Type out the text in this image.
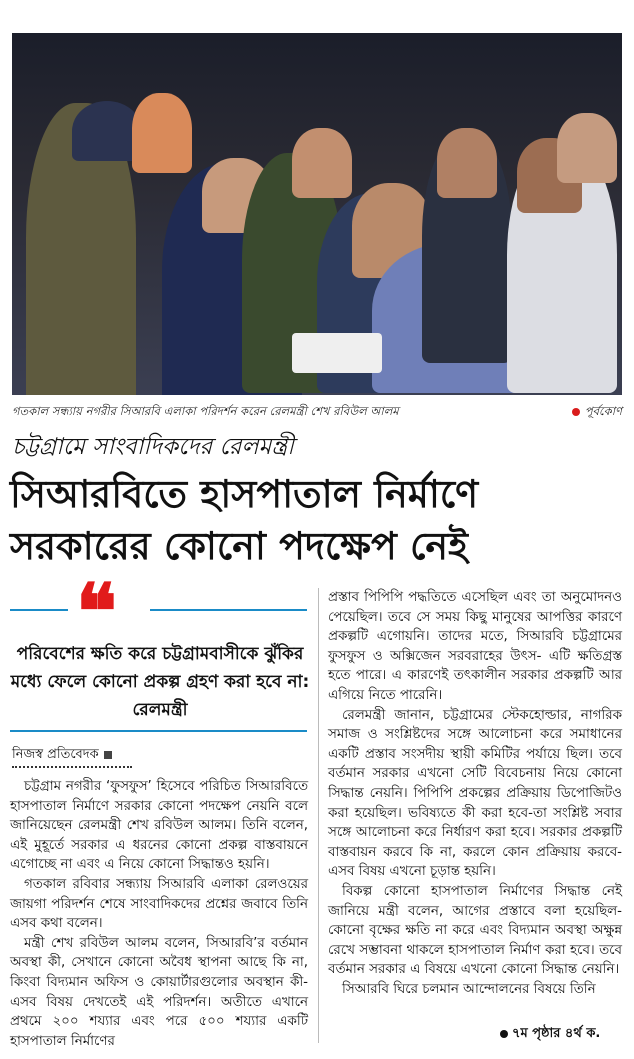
গতকাল সন্ধ্যায় নগরীর সিআরবি এলাকা পরিদর্শন করেন রেলমন্ত্রী শেখ রবিউল আলম	পূর্বকোণ
চট্টগ্রামে সাংবাদিকদের রেলমন্ত্রী
সিআরবিতে হাসপাতাল নির্মাণে
সরকারের কোনো পদক্ষেপ নেই
❝
পরিবেশের ক্ষতি করে চট্টগ্রামবাসীকে ঝুঁকির মধ্যে ফেলে কোনো প্রকল্প গ্রহণ করা হবে না: রেলমন্ত্রী
নিজস্ব প্রতিবেদক

চট্টগ্রাম নগরীর ‘ফুসফুস’ হিসেবে পরিচিত সিআরবিতে হাসপাতাল নির্মাণে সরকার কোনো পদক্ষেপ নেয়নি বলে জানিয়েছেন রেলমন্ত্রী শেখ রবিউল আলম। তিনি বলেন, এই মুহূর্তে সরকার এ ধরনের কোনো প্রকল্প বাস্তবায়নে এগোচ্ছে না এবং এ নিয়ে কোনো সিদ্ধান্তও হয়নি।

গতকাল রবিবার সন্ধ্যায় সিআরবি এলাকা রেলওয়ের জায়গা পরিদর্শন শেষে সাংবাদিকদের প্রশ্নের জবাবে তিনি এসব কথা বলেন।

মন্ত্রী শেখ রবিউল আলম বলেন, সিআরবি’র বর্তমান অবস্থা কী, সেখানে কোনো অবৈধ স্থাপনা আছে কি না, কিংবা বিদ্যমান অফিস ও কোয়ার্টারগুলোর অবস্থান কী- এসব বিষয় দেখতেই এই পরিদর্শন। অতীতে এখানে প্রথমে ২০০ শয্যার এবং পরে ৫০০ শয্যার একটি হাসপাতাল নির্মাণের

প্রস্তাব পিপিপি পদ্ধতিতে এসেছিল এবং তা অনুমোদনও পেয়েছিল। তবে সে সময় কিছু মানুষের আপত্তির কারণে প্রকল্পটি এগোয়নি। তাদের মতে, সিআরবি চট্টগ্রামের ফুসফুস ও অক্সিজেন সরবরাহের উৎস- এটি ক্ষতিগ্রস্ত হতে পারে। এ কারণেই তৎকালীন সরকার প্রকল্পটি আর এগিয়ে নিতে পারেনি।

রেলমন্ত্রী জানান, চট্টগ্রামের স্টেকহোল্ডার, নাগরিক সমাজ ও সংশ্লিষ্টদের সঙ্গে আলোচনা করে সমাধানের একটি প্রস্তাব সংসদীয় স্থায়ী কমিটির পর্যায়ে ছিল। তবে বর্তমান সরকার এখনো সেটি বিবেচনায় নিয়ে কোনো সিদ্ধান্ত নেয়নি। পিপিপি প্রকল্পের প্রক্রিয়ায় ডিপোজিটও করা হয়েছিল। ভবিষ্যতে কী করা হবে-তা সংশ্লিষ্ট সবার সঙ্গে আলোচনা করে নির্ধারণ করা হবে। সরকার প্রকল্পটি বাস্তবায়ন করবে কি না, করলে কোন প্রক্রিয়ায় করবে-এসব বিষয় এখনো চূড়ান্ত হয়নি।

বিকল্প কোনো হাসপাতাল নির্মাণের সিদ্ধান্ত নেই জানিয়ে মন্ত্রী বলেন, আগের প্রস্তাবে বলা হয়েছিল- কোনো বৃক্ষের ক্ষতি না করে এবং বিদ্যমান অবস্থা অক্ষুন্ন রেখে সম্ভাবনা থাকলে হাসপাতাল নির্মাণ করা হবে। তবে বর্তমান সরকার এ বিষয়ে এখনো কোনো সিদ্ধান্ত নেয়নি।

সিআরবি ঘিরে চলমান আন্দোলনের বিষয়ে তিনি

৭ম পৃষ্ঠার ৪র্থ ক.
